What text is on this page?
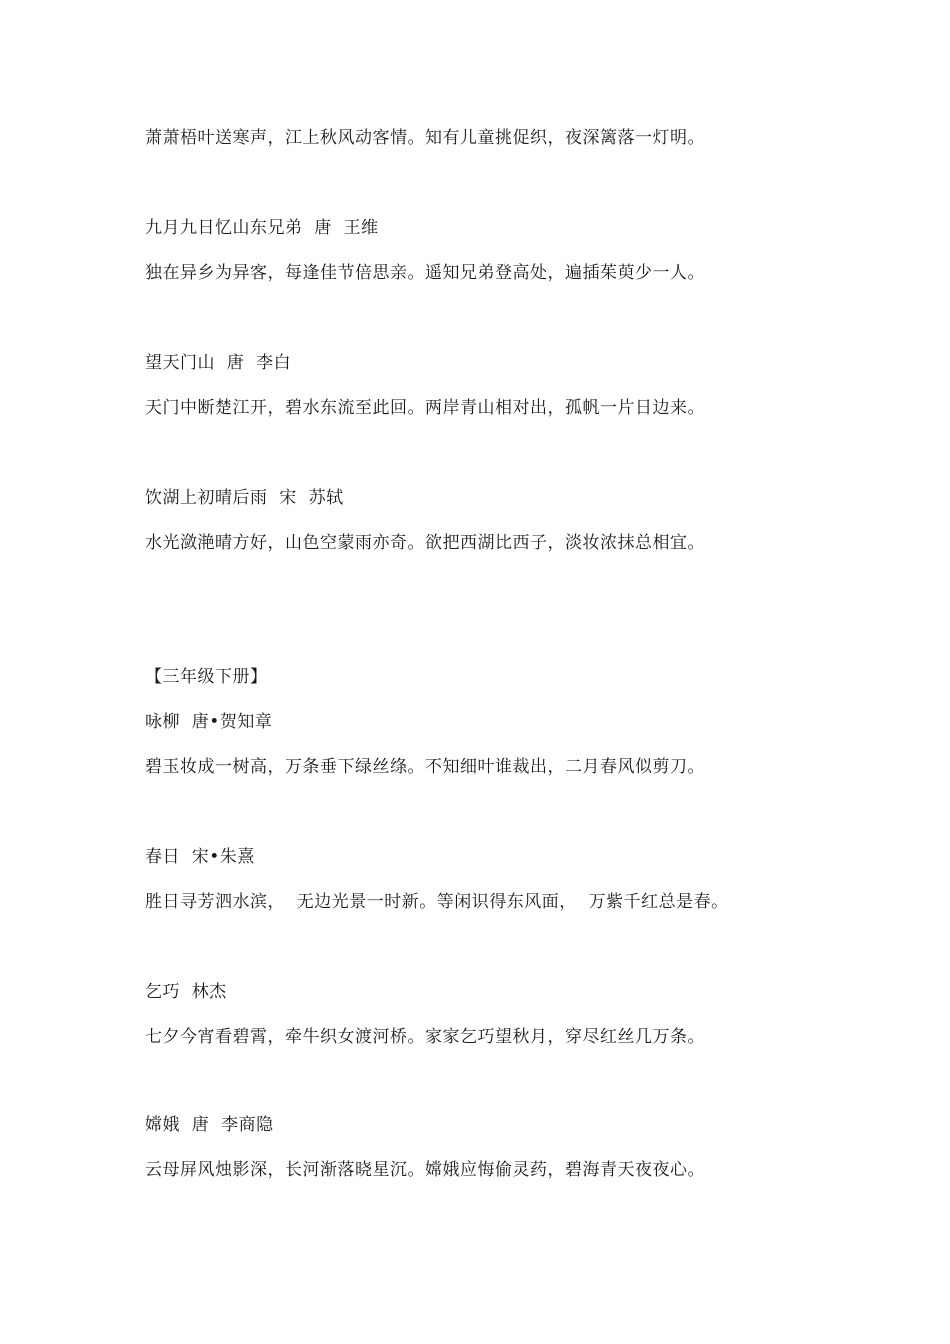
萧萧梧叶送寒声，江上秋风动客情。知有儿童挑促织，夜深篱落一灯明。
九月九日忆山东兄弟  唐  王维
独在异乡为异客，每逢佳节倍思亲。遥知兄弟登高处，遍插茱萸少一人。
望天门山  唐  李白
天门中断楚江开，碧水东流至此回。两岸青山相对出，孤帆一片日边来。
饮湖上初晴后雨  宋  苏轼
水光潋滟晴方好，山色空蒙雨亦奇。欲把西湖比西子，淡妆浓抹总相宜。
【三年级下册】
咏柳  唐•贺知章
碧玉妆成一树高，万条垂下绿丝绦。不知细叶谁裁出，二月春风似剪刀。
春日  宋•朱熹
胜日寻芳泗水滨，  无边光景一时新。等闲识得东风面，  万紫千红总是春。
乞巧  林杰
七夕今宵看碧霄，牵牛织女渡河桥。家家乞巧望秋月，穿尽红丝几万条。
嫦娥  唐  李商隐
云母屏风烛影深，长河渐落晓星沉。嫦娥应悔偷灵药，碧海青天夜夜心。
